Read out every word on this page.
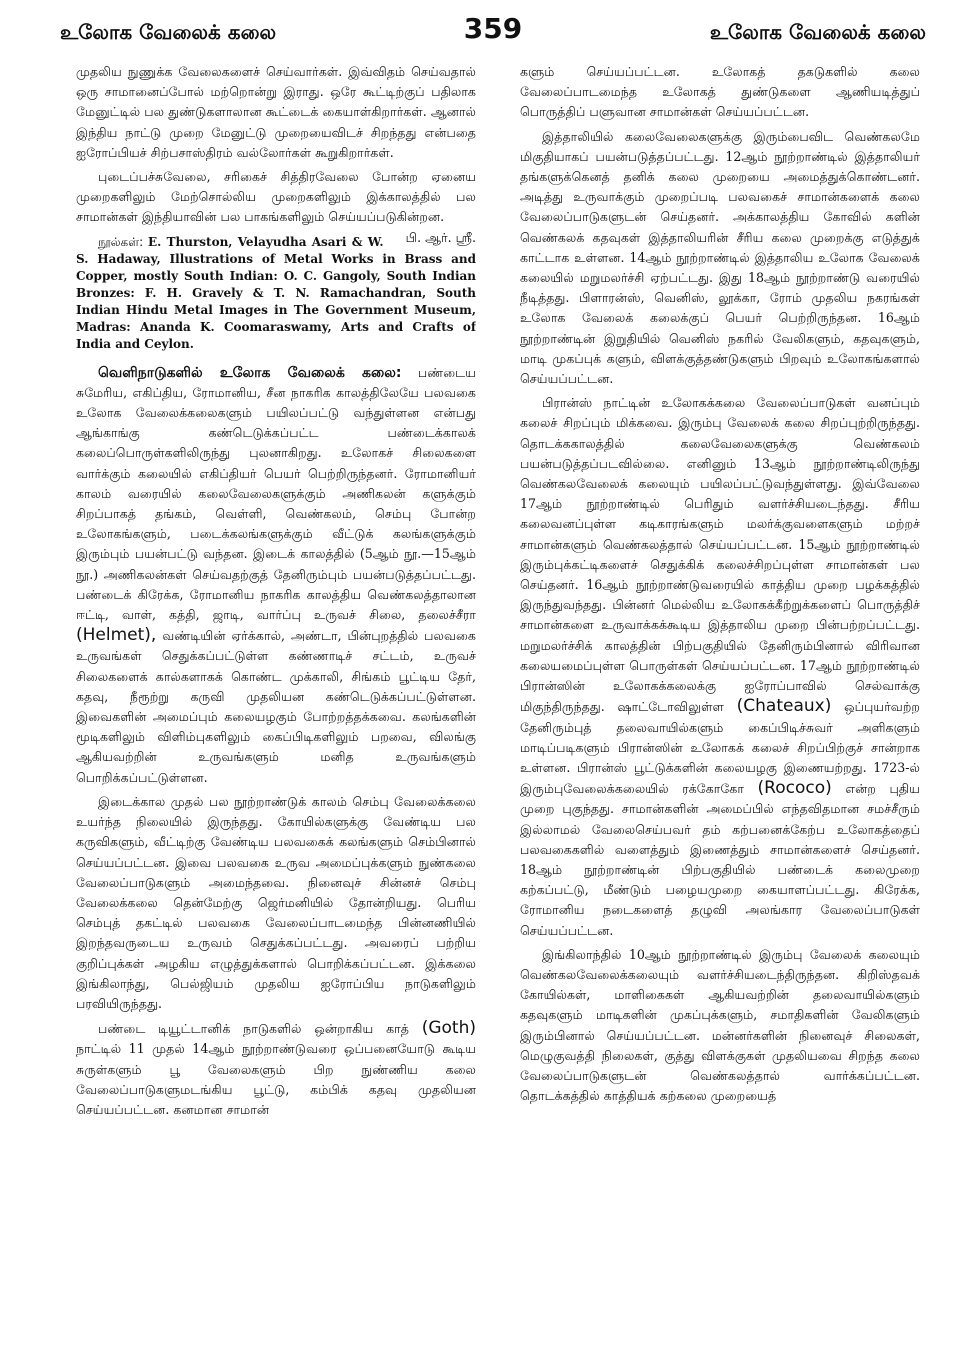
உலோக வேலைக் கலை	359	உலோக வேலைக் கலை

முதலிய நுணுக்க வேலைகளைச் செய்வார்கள். இவ்விதம் செய்வதால் ஒரு சாமானைப்போல் மற்றொன்று இராது. ஒரே கூட்டிற்குப் பதிலாக மேனுட்டில் பல துண்டுகளாலான கூட்டைக் கையாள்கிறார்கள். ஆனால் இந்திய நாட்டு முறை மேனுட்டு முறையைவிடச் சிறந்தது என்பதை ஐரோப்பியச் சிற்பசாஸ்திரம் வல்லோர்கள் கூறுகிறார்கள்.

புடைப்பச்சுவேலை, சரிகைச் சித்திரவேலை போன்ற ஏனைய முறைகளிலும் மேற்சொல்லிய முறைகளிலும் இக்காலத்தில் பல சாமான்கள் இந்தியாவின் பல பாகங்களிலும் செய்யப்படுகின்றன.
பி. ஆர். ஸ்ரீ.

நூல்கள்: E. Thurston, Velayudha Asari & W. S. Hadaway, Illustrations of Metal Works in Brass and Copper, mostly South Indian: O. C. Gangoly, South Indian Bronzes: F. H. Gravely & T. N. Ramachandran, South Indian Hindu Metal Images in The Government Museum, Madras: Ananda K. Coomaraswamy, Arts and Crafts of India and Ceylon.

வெளிநாடுகளில் உலோக வேலைக் கலை: பண்டைய சுமேரிய, எகிப்திய, ரோமானிய, சீன நாகரிக காலத்திலேயே பலவகை உலோக வேலைக்கலைகளும் பயிலப்பட்டு வந்துள்ளன என்பது ஆங்காங்கு கண்டெடுக்கப்பட்ட பண்டைக்காலக் கலைப்பொருள்களிலிருந்து புலனாகிறது. உலோகச் சிலைகளை வார்க்கும் கலையில் எகிப்தியர் பெயர் பெற்றிருந்தனர். ரோமானியர் காலம் வரையில் கலைவேலைகளுக்கும் அணிகலன் களுக்கும் சிறப்பாகத் தங்கம், வெள்ளி, வெண்கலம், செம்பு போன்ற உலோகங்களும், படைக்கலங்களுக்கும் வீட்டுக் கலங்களுக்கும் இரும்பும் பயன்பட்டு வந்தன. இடைக் காலத்தில் (5ஆம் நூ.—15ஆம் நூ.) அணிகலன்கள் செய்வதற்குத் தேனிரும்பும் பயன்படுத்தப்பட்டது. பண்டைக் கிரேக்க, ரோமானிய நாகரிக காலத்திய வெண்கலத்தாலான ஈட்டி, வாள், கத்தி, ஜாடி, வார்ப்பு உருவச் சிலை, தலைச்சீரா (Helmet), வண்டியின் ஏர்க்கால், அண்டா, பின்புறத்தில் பலவகை உருவங்கள் செதுக்கப்பட்டுள்ள கண்ணாடிச் சட்டம், உருவச் சிலைகளைக் கால்களாகக் கொண்ட முக்காலி, சிங்கம் பூட்டிய தேர், கதவு, நீரூற்று கருவி முதலியன கண்டெடுக்கப்பட்டுள்ளன. இவைகளின் அமைப்பும் கலையழகும் போற்றத்தக்கவை. கலங்களின் மூடிகளிலும் விளிம்புகளிலும் கைப்பிடிகளிலும் பறவை, விலங்கு ஆகியவற்றின் உருவங்களும் மனித உருவங்களும் பொறிக்கப்பட்டுள்ளன.

இடைக்கால முதல் பல நூற்றாண்டுக் காலம் செம்பு வேலைக்கலை உயர்ந்த நிலையில் இருந்தது. கோயில்களுக்கு வேண்டிய பல கருவிகளும், வீட்டிற்கு வேண்டிய பலவகைக் கலங்களும் செம்பினால் செய்யப்பட்டன. இவை பலவகை உருவ அமைப்புக்களும் நுண்கலை வேலைப்பாடுகளும் அமைந்தவை. நினைவுச் சின்னச் செம்பு வேலைக்கலை தென்மேற்கு ஜெர்மனியில் தோன்றியது. பெரிய செம்புத் தகட்டில் பலவகை வேலைப்பாடமைந்த பின்னணியில் இறந்தவருடைய உருவம் செதுக்கப்பட்டது. அவரைப் பற்றிய குறிப்புக்கள் அழகிய எழுத்துக்களால் பொறிக்கப்பட்டன. இக்கலை இங்கிலாந்து, பெல்ஜியம் முதலிய ஐரோப்பிய நாடுகளிலும் பரவியிருந்தது.

பண்டை டியூட்டானிக் நாடுகளில் ஒன்றாகிய காத் (Goth) நாட்டில் 11 முதல் 14ஆம் நூற்றாண்டுவரை ஒப்பனையோடு கூடிய சுருள்களும் பூ வேலைகளும் பிற நுண்ணிய கலை வேலைப்பாடுகளுமடங்கிய பூட்டு, கம்பிக் கதவு முதலியன செய்யப்பட்டன. கனமான சாமான்

களும் செய்யப்பட்டன. உலோகத் தகடுகளில் கலை வேலைப்பாடமைந்த உலோகத் துண்டுகளை ஆணியடித்துப் பொருத்திப் பளுவான சாமான்கள் செய்யப்பட்டன.

இத்தாலியில் கலைவேலைகளுக்கு இரும்பைவிட வெண்கலமே மிகுதியாகப் பயன்படுத்தப்பட்டது. 12ஆம் நூற்றாண்டில் இத்தாலியர் தங்களுக்கெனத் தனிக் கலை முறையை அமைத்துக்கொண்டனர். அடித்து உருவாக்கும் முறைப்படி பலவகைச் சாமான்களைக் கலை வேலைப்பாடுகளுடன் செய்தனர். அக்காலத்திய கோவில் களின் வெண்கலக் கதவுகள் இத்தாலியரின் சீரிய கலை முறைக்கு எடுத்துக் காட்டாக உள்ளன. 14ஆம் நூற்றாண்டில் இத்தாலிய உலோக வேலைக் கலையில் மறுமலர்ச்சி ஏற்பட்டது. இது 18ஆம் நூற்றாண்டு வரையில் நீடித்தது. பிளாரன்ஸ், வெனிஸ், லூக்கா, ரோம் முதலிய நகரங்கள் உலோக வேலைக் கலைக்குப் பெயர் பெற்றிருந்தன. 16ஆம் நூற்றாண்டின் இறுதியில் வெனிஸ் நகரில் வேலிகளும், கதவுகளும், மாடி முகப்புக் களும், விளக்குத்தண்டுகளும் பிறவும் உலோகங்களால் செய்யப்பட்டன.

பிரான்ஸ் நாட்டின் உலோகக்கலை வேலைப்பாடுகள் வனப்பும் கலைச் சிறப்பும் மிக்கவை. இரும்பு வேலைக் கலை சிறப்புற்றிருந்தது. தொடக்ககாலத்தில் கலைவேலைகளுக்கு வெண்கலம் பயன்படுத்தப்படவில்லை. எனினும் 13ஆம் நூற்றாண்டிலிருந்து வெண்கலவேலைக் கலையும் பயிலப்பட்டுவந்துள்ளது. இவ்வேலை 17ஆம் நூற்றாண்டில் பெரிதும் வளர்ச்சியடைந்தது. சீரிய கலைவனப்புள்ள கடிகாரங்களும் மலர்க்குவளைகளும் மற்றச் சாமான்களும் வெண்கலத்தால் செய்யப்பட்டன. 15ஆம் நூற்றாண்டில் இரும்புக்கட்டிகளைச் செதுக்கிக் கலைச்சிறப்புள்ள சாமான்கள் பல செய்தனர். 16ஆம் நூற்றாண்டுவரையில் காத்திய முறை பழக்கத்தில் இருந்துவந்தது. பின்னர் மெல்லிய உலோகக்கீற்றுக்களைப் பொருத்திச் சாமான்களை உருவாக்கக்கூடிய இத்தாலிய முறை பின்பற்றப்பட்டது. மறுமலர்ச்சிக் காலத்தின் பிற்பகுதியில் தேனிரும்பினால் விரிவான கலையமைப்புள்ள பொருள்கள் செய்யப்பட்டன. 17ஆம் நூற்றாண்டில் பிரான்ஸின் உலோகக்கலைக்கு ஐரோப்பாவில் செல்வாக்கு மிகுந்திருந்தது. ஷாட்டோவிலுள்ள (Chateaux) ஒப்புயர்வற்ற தேனிரும்புத் தலைவாயில்களும் கைப்பிடிச்சுவர் அளிகளும் மாடிப்படிகளும் பிரான்ஸின் உலோகக் கலைச் சிறப்பிற்குச் சான்றாக உள்ளன. பிரான்ஸ் பூட்டுக்களின் கலையழகு இணையற்றது. 1723-ல் இரும்புவேலைக்கலையில் ரக்கோகோ (Rococo) என்ற புதிய முறை புகுந்தது. சாமான்களின் அமைப்பில் எந்தவிதமான சமச்சீரும் இல்லாமல் வேலைசெய்பவர் தம் கற்பனைக்கேற்ப உலோகத்தைப் பலவகைகளில் வளைத்தும் இணைத்தும் சாமான்களைச் செய்தனர். 18ஆம் நூற்றாண்டின் பிற்பகுதியில் பண்டைக் கலைமுறை கற்கப்பட்டு, மீண்டும் பழையமுறை கையாளப்பட்டது. கிரேக்க, ரோமானிய நடைகளைத் தழுவி அலங்கார வேலைப்பாடுகள் செய்யப்பட்டன.

இங்கிலாந்தில் 10ஆம் நூற்றாண்டில் இரும்பு வேலைக் கலையும் வெண்கலவேலைக்கலையும் வளர்ச்சியடைந்திருந்தன. கிறிஸ்தவக் கோயில்கள், மாளிகைகள் ஆகியவற்றின் தலைவாயில்களும் கதவுகளும் மாடிகளின் முகப்புக்களும், சமாதிகளின் வேலிகளும் இரும்பினால் செய்யப்பட்டன. மன்னர்களின் நினைவுச் சிலைகள், மெழுகுவத்தி நிலைகள், குத்து விளக்குகள் முதலியவை சிறந்த கலை வேலைப்பாடுகளுடன் வெண்கலத்தால் வார்க்கப்பட்டன. தொடக்கத்தில் காத்தியக் கற்கலை முறையைத்
